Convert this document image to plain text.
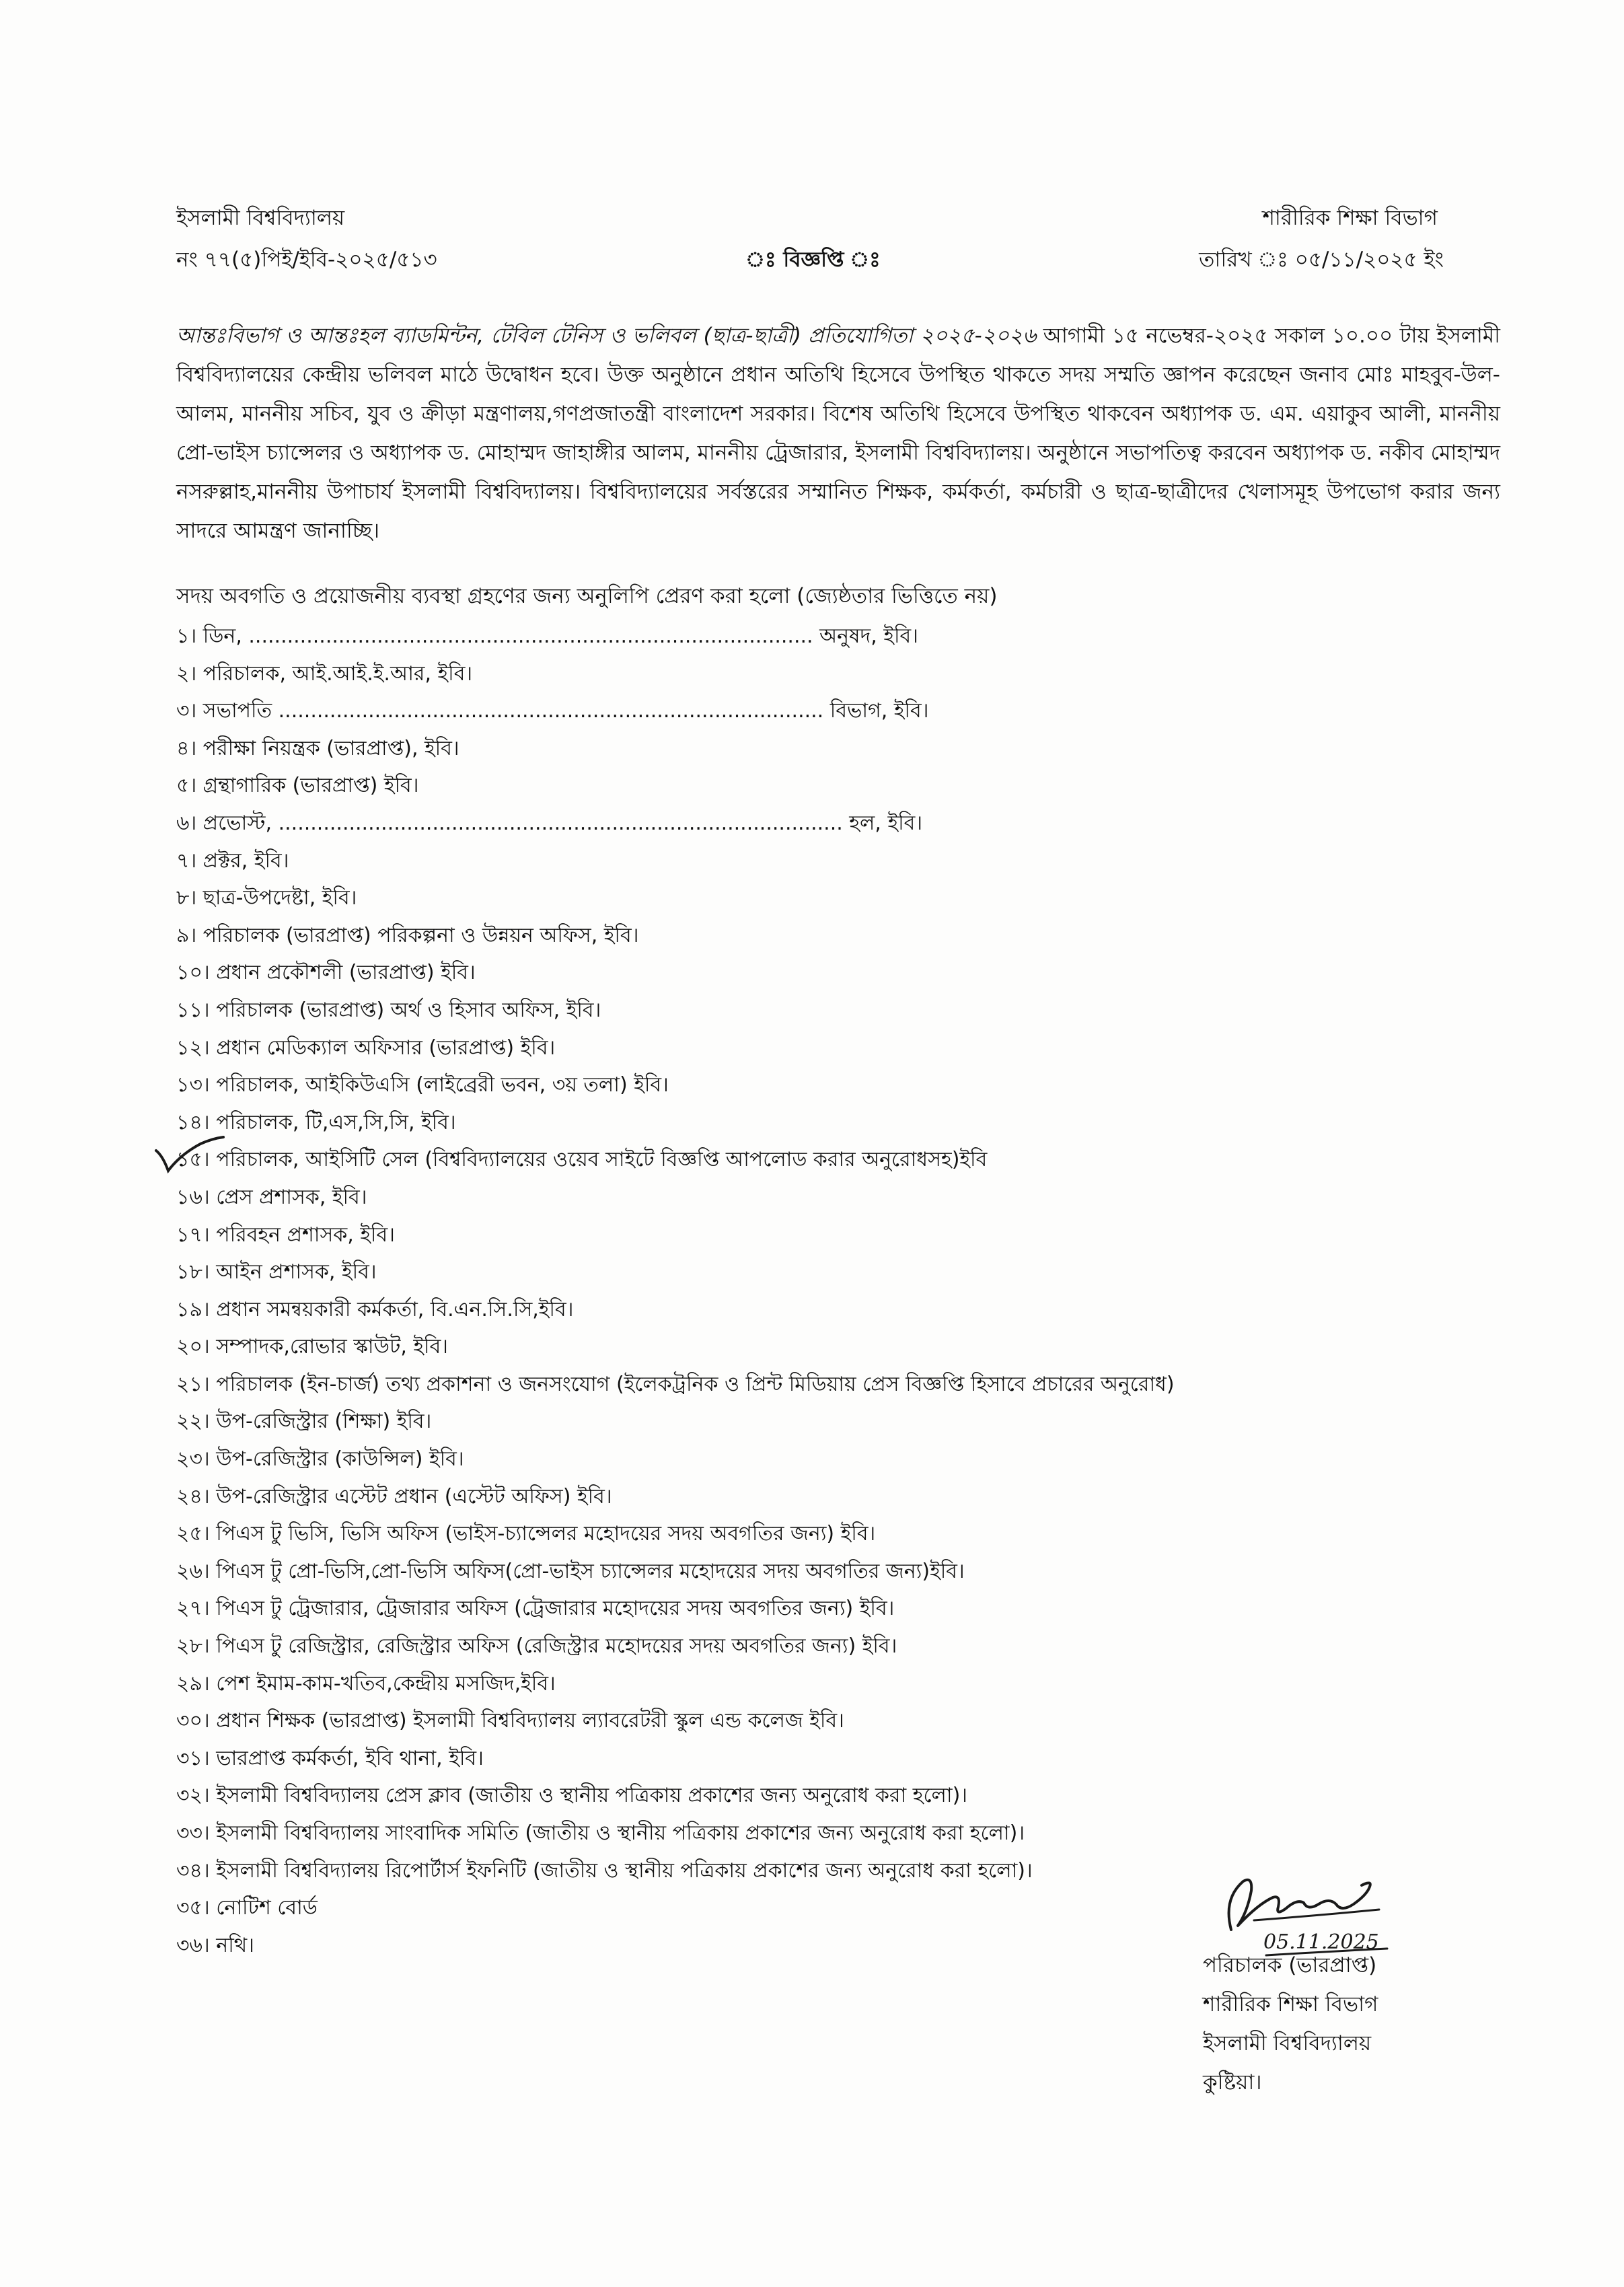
ইসলামী বিশ্ববিদ্যালয়
নং ৭৭(৫)পিই/ইবি-২০২৫/৫১৩	ঃ বিজ্ঞপ্তি ঃ
শারীরিক শিক্ষা বিভাগ
তারিখ ঃ ০৫/১১/২০২৫ ইং
আন্তঃবিভাগ ও আন্তঃহল ব্যাডমিন্টন, টেবিল টেনিস ও ভলিবল (ছাত্র-ছাত্রী) প্রতিযোগিতা ২০২৫-২০২৬ আগামী ১৫ নভেম্বর-২০২৫ সকাল ১০.০০ টায় ইসলামী বিশ্ববিদ্যালয়ের কেন্দ্রীয় ভলিবল মাঠে উদ্বোধন হবে। উক্ত অনুষ্ঠানে প্রধান অতিথি হিসেবে উপস্থিত থাকতে সদয় সম্মতি জ্ঞাপন করেছেন জনাব মোঃ মাহবুব-উল-আলম, মাননীয় সচিব, যুব ও ক্রীড়া মন্ত্রণালয়,গণপ্রজাতন্ত্রী বাংলাদেশ সরকার। বিশেষ অতিথি হিসেবে উপস্থিত থাকবেন অধ্যাপক ড. এম. এয়াকুব আলী, মাননীয় প্রো-ভাইস চ্যান্সেলর ও অধ্যাপক ড. মোহাম্মদ জাহাঙ্গীর আলম, মাননীয় ট্রেজারার, ইসলামী বিশ্ববিদ্যালয়। অনুষ্ঠানে সভাপতিত্ব করবেন অধ্যাপক ড. নকীব মোহাম্মদ নসরুল্লাহ,মাননীয় উপাচার্য ইসলামী বিশ্ববিদ্যালয়। বিশ্ববিদ্যালয়ের সর্বস্তরের সম্মানিত শিক্ষক, কর্মকর্তা, কর্মচারী ও ছাত্র-ছাত্রীদের খেলাসমূহ উপভোগ করার জন্য সাদরে আমন্ত্রণ জানাচ্ছি।
সদয় অবগতি ও প্রয়োজনীয় ব্যবস্থা গ্রহণের জন্য অনুলিপি প্রেরণ করা হলো (জ্যেষ্ঠতার ভিত্তিতে নয়)
১। ডিন, ........................................................................................ অনুষদ, ইবি।
২। পরিচালক, আই.আই.ই.আর, ইবি।
৩। সভাপতি ..................................................................................... বিভাগ, ইবি।
৪। পরীক্ষা নিয়ন্ত্রক (ভারপ্রাপ্ত), ইবি।
৫। গ্রন্থাগারিক (ভারপ্রাপ্ত) ইবি।
৬। প্রভোস্ট, ........................................................................................ হল, ইবি।
৭। প্রক্টর, ইবি।
৮। ছাত্র-উপদেষ্টা, ইবি।
৯। পরিচালক (ভারপ্রাপ্ত) পরিকল্পনা ও উন্নয়ন অফিস, ইবি।
১০। প্রধান প্রকৌশলী (ভারপ্রাপ্ত) ইবি।
১১। পরিচালক (ভারপ্রাপ্ত) অর্থ ও হিসাব অফিস, ইবি।
১২। প্রধান মেডিক্যাল অফিসার (ভারপ্রাপ্ত) ইবি।
১৩। পরিচালক, আইকিউএসি (লাইব্রেরী ভবন, ৩য় তলা) ইবি।
১৪। পরিচালক, টি,এস,সি,সি, ইবি।
১৫। পরিচালক, আইসিটি সেল (বিশ্ববিদ্যালয়ের ওয়েব সাইটে বিজ্ঞপ্তি আপলোড করার অনুরোধসহ)ইবি
১৬। প্রেস প্রশাসক, ইবি।
১৭। পরিবহন প্রশাসক, ইবি।
১৮। আইন প্রশাসক, ইবি।
১৯। প্রধান সমন্বয়কারী কর্মকর্তা, বি.এন.সি.সি,ইবি।
২০। সম্পাদক,রোভার স্কাউট, ইবি।
২১। পরিচালক (ইন-চার্জ) তথ্য প্রকাশনা ও জনসংযোগ (ইলেকট্রনিক ও প্রিন্ট মিডিয়ায় প্রেস বিজ্ঞপ্তি হিসাবে প্রচারের অনুরোধ)
২২। উপ-রেজিস্ট্রার (শিক্ষা) ইবি।
২৩। উপ-রেজিস্ট্রার (কাউন্সিল) ইবি।
২৪। উপ-রেজিস্ট্রার এস্টেট প্রধান (এস্টেট অফিস) ইবি।
২৫। পিএস টু ভিসি, ভিসি অফিস (ভাইস-চ্যান্সেলর মহোদয়ের সদয় অবগতির জন্য) ইবি।
২৬। পিএস টু প্রো-ভিসি,প্রো-ভিসি অফিস(প্রো-ভাইস চ্যান্সেলর মহোদয়ের সদয় অবগতির জন্য)ইবি।
২৭। পিএস টু ট্রেজারার, ট্রেজারার অফিস (ট্রেজারার মহোদয়ের সদয় অবগতির জন্য) ইবি।
২৮। পিএস টু রেজিস্ট্রার, রেজিস্ট্রার অফিস (রেজিস্ট্রার মহোদয়ের সদয় অবগতির জন্য) ইবি।
২৯। পেশ ইমাম-কাম-খতিব,কেন্দ্রীয় মসজিদ,ইবি।
৩০। প্রধান শিক্ষক (ভারপ্রাপ্ত) ইসলামী বিশ্ববিদ্যালয় ল্যাবরেটরী স্কুল এন্ড কলেজ ইবি।
৩১। ভারপ্রাপ্ত কর্মকর্তা, ইবি থানা, ইবি।
৩২। ইসলামী বিশ্ববিদ্যালয় প্রেস ক্লাব (জাতীয় ও স্থানীয় পত্রিকায় প্রকাশের জন্য অনুরোধ করা হলো)।
৩৩। ইসলামী বিশ্ববিদ্যালয় সাংবাদিক সমিতি (জাতীয় ও স্থানীয় পত্রিকায় প্রকাশের জন্য অনুরোধ করা হলো)।
৩৪। ইসলামী বিশ্ববিদ্যালয় রিপোর্টার্স ইফনিটি (জাতীয় ও স্থানীয় পত্রিকায় প্রকাশের জন্য অনুরোধ করা হলো)।
৩৫। নোটিশ বোর্ড
৩৬। নথি।	05.11.2025
পরিচালক (ভারপ্রাপ্ত)
শারীরিক শিক্ষা বিভাগ
ইসলামী বিশ্ববিদ্যালয়
কুষ্টিয়া।
